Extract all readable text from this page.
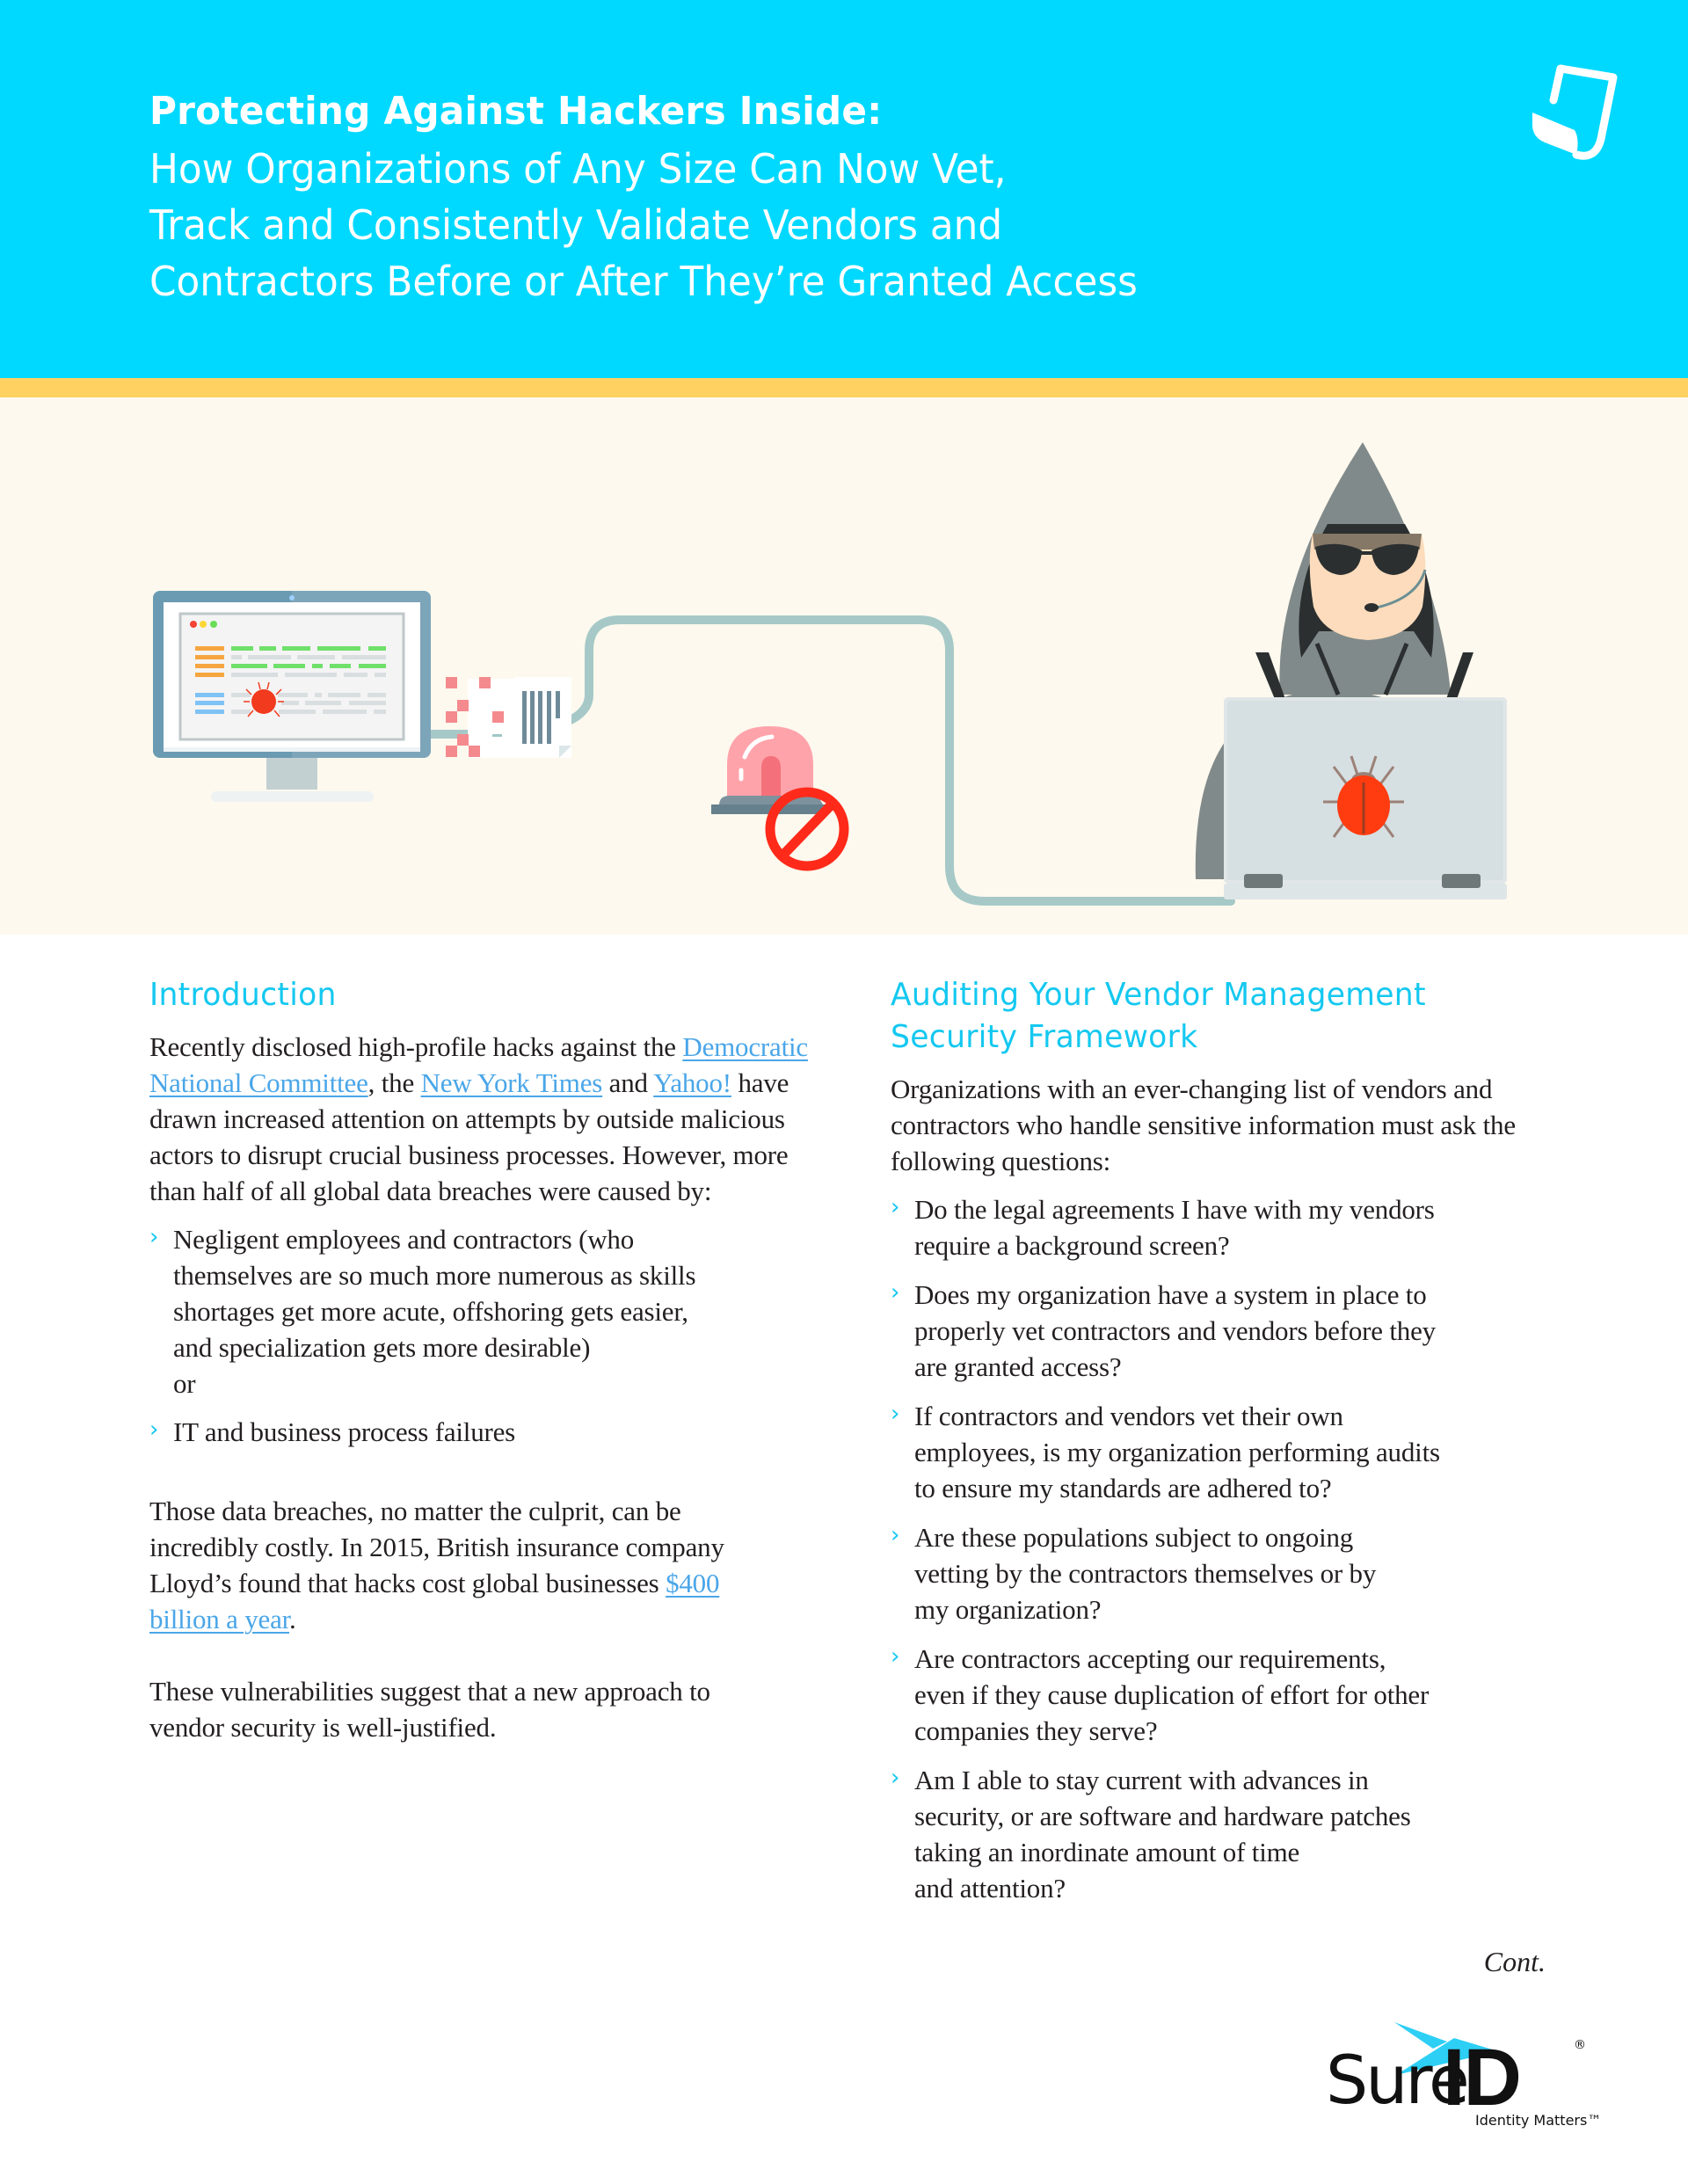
Protecting Against Hackers Inside:
How Organizations of Any Size Can Now Vet,
Track and Consistently Validate Vendors and
Contractors Before or After They’re Granted Access
Introduction

Recently disclosed high-profile hacks against the Democratic National Committee, the New York Times and Yahoo! have drawn increased attention on attempts by outside malicious actors to disrupt crucial business processes. However, more than half of all global data breaches were caused by:

› Negligent employees and contractors (who
themselves are so much more numerous as skills
shortages get more acute, offshoring gets easier,
and specialization gets more desirable)
or
› IT and business process failures

Those data breaches, no matter the culprit, can be incredibly costly. In 2015, British insurance company Lloyd’s found that hacks cost global businesses $400 billion a year.

These vulnerabilities suggest that a new approach to vendor security is well-justified.

Auditing Your Vendor Management
Security Framework

Organizations with an ever-changing list of vendors and contractors who handle sensitive information must ask the following questions:

› Do the legal agreements I have with my vendors
require a background screen?
› Does my organization have a system in place to
properly vet contractors and vendors before they
are granted access?
› If contractors and vendors vet their own
employees, is my organization performing audits
to ensure my standards are adhered to?
› Are these populations subject to ongoing
vetting by the contractors themselves or by
my organization?
› Are contractors accepting our requirements,
even if they cause duplication of effort for other
companies they serve?
› Am I able to stay current with advances in
security, or are software and hardware patches
taking an inordinate amount of time
and attention?
Cont.
Sure
ID	®
Identity Matters™
